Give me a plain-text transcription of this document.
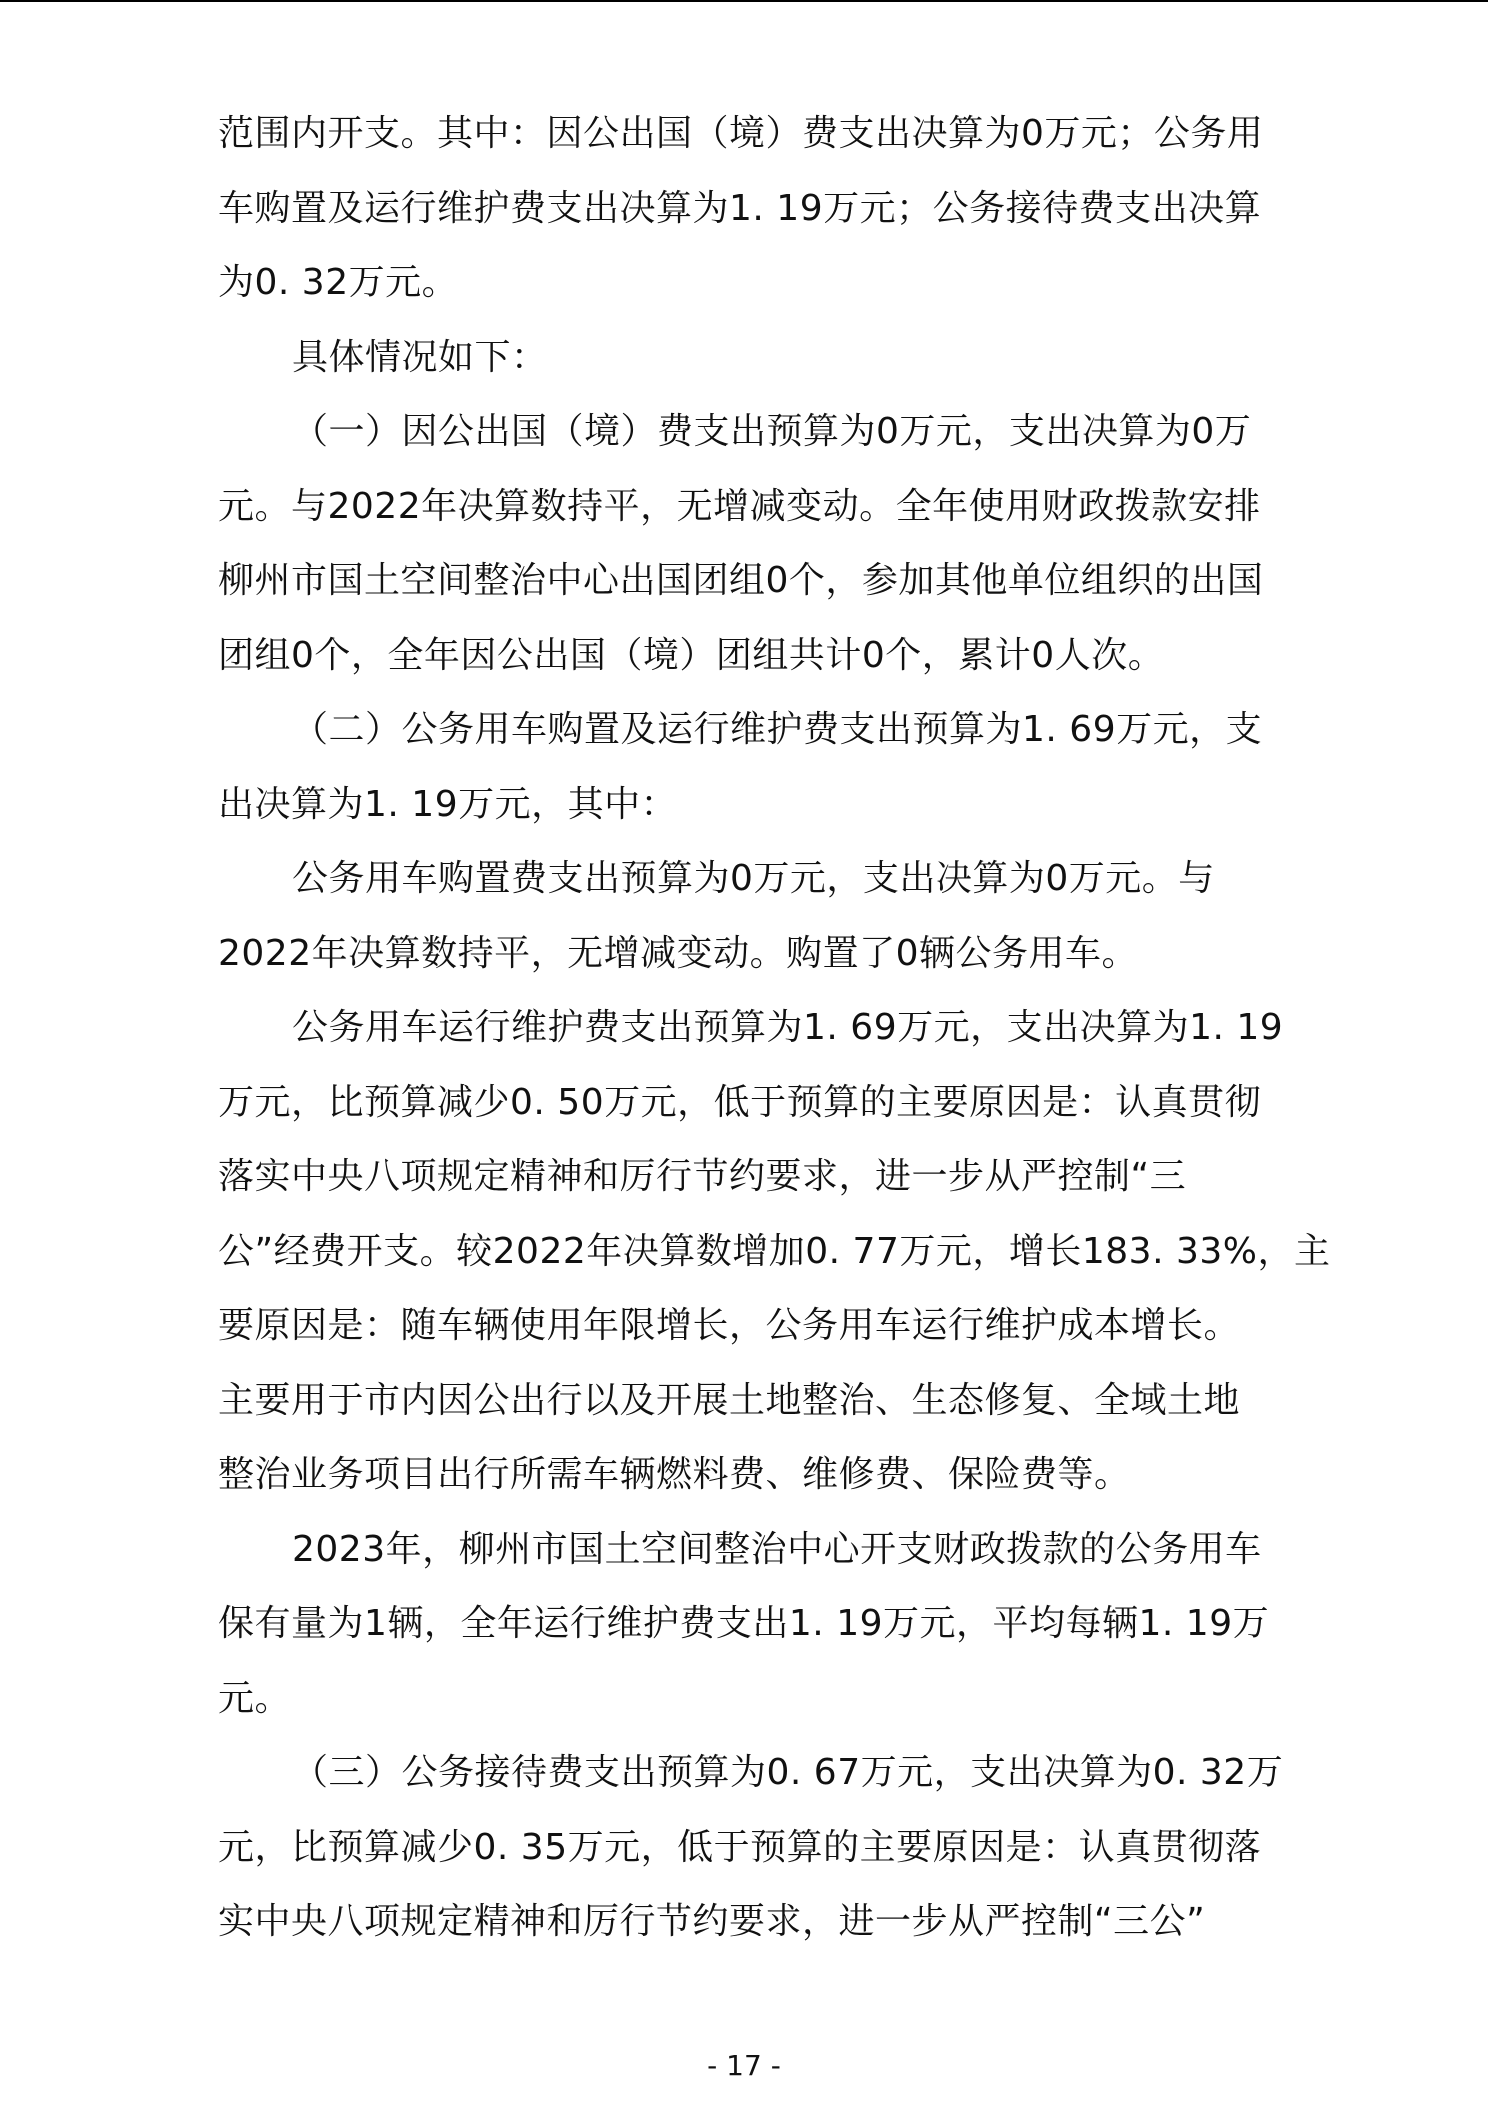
范围内开支。其中：因公出国（境）费支出决算为0万元；公务用
车购置及运行维护费支出决算为1. 19万元；公务接待费支出决算
为0. 32万元。
具体情况如下：
（一）因公出国（境）费支出预算为0万元，支出决算为0万
元。与2022年决算数持平，无增减变动。全年使用财政拨款安排
柳州市国土空间整治中心出国团组0个，参加其他单位组织的出国
团组0个，全年因公出国（境）团组共计0个，累计0人次。
（二）公务用车购置及运行维护费支出预算为1. 69万元，支
出决算为1. 19万元，其中：
公务用车购置费支出预算为0万元，支出决算为0万元。与
2022年决算数持平，无增减变动。购置了0辆公务用车。
公务用车运行维护费支出预算为1. 69万元，支出决算为1. 19
万元，比预算减少0. 50万元，低于预算的主要原因是：认真贯彻
落实中央八项规定精神和厉行节约要求，进一步从严控制“三
公”经费开支。较2022年决算数增加0. 77万元，增长183. 33%，主
要原因是：随车辆使用年限增长，公务用车运行维护成本增长。
主要用于市内因公出行以及开展土地整治、生态修复、全域土地
整治业务项目出行所需车辆燃料费、维修费、保险费等。
2023年，柳州市国土空间整治中心开支财政拨款的公务用车
保有量为1辆，全年运行维护费支出1. 19万元，平均每辆1. 19万
元。
（三）公务接待费支出预算为0. 67万元，支出决算为0. 32万
元，比预算减少0. 35万元，低于预算的主要原因是：认真贯彻落
实中央八项规定精神和厉行节约要求，进一步从严控制“三公”
- 17 -
